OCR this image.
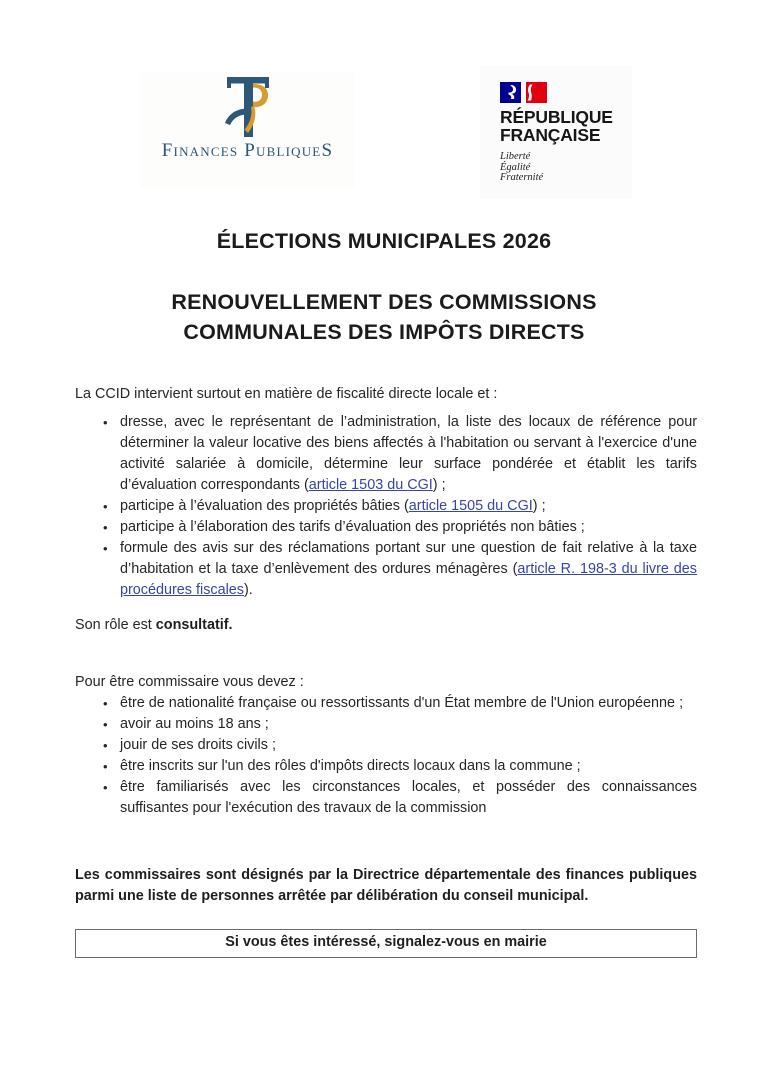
Finances PubliqueS
RÉPUBLIQUE
FRANÇAISE
Liberté
Égalité
Fraternité
ÉLECTIONS MUNICIPALES 2026
RENOUVELLEMENT DES COMMISSIONS
COMMUNALES DES IMPÔTS DIRECTS

La CCID intervient surtout en matière de fiscalité directe locale et :

• dresse, avec le représentant de l’administration, la liste des locaux de référence pour déterminer la valeur locative des biens affectés à l'habitation ou servant à l'exercice d'une activité salariée à domicile, détermine leur surface pondérée et établit les tarifs d’évaluation correspondants (article 1503 du CGI) ;
• participe à l’évaluation des propriétés bâties (article 1505 du CGI) ;
• participe à l’élaboration des tarifs d’évaluation des propriétés non bâties ;
• formule des avis sur des réclamations portant sur une question de fait relative à la taxe d’habitation et la taxe d’enlèvement des ordures ménagères (article R. 198-3 du livre des procédures fiscales).

Son rôle est consultatif.

Pour être commissaire vous devez :

• être de nationalité française ou ressortissants d'un État membre de l'Union européenne ;
• avoir au moins 18 ans ;
• jouir de ses droits civils ;
• être inscrits sur l'un des rôles d'impôts directs locaux dans la commune ;
• être familiarisés avec les circonstances locales, et posséder des connaissances suffisantes pour l'exécution des travaux de la commission

Les commissaires sont désignés par la Directrice départementale des finances publiques parmi une liste de personnes arrêtée par délibération du conseil municipal.

Si vous êtes intéressé, signalez-vous en mairie
